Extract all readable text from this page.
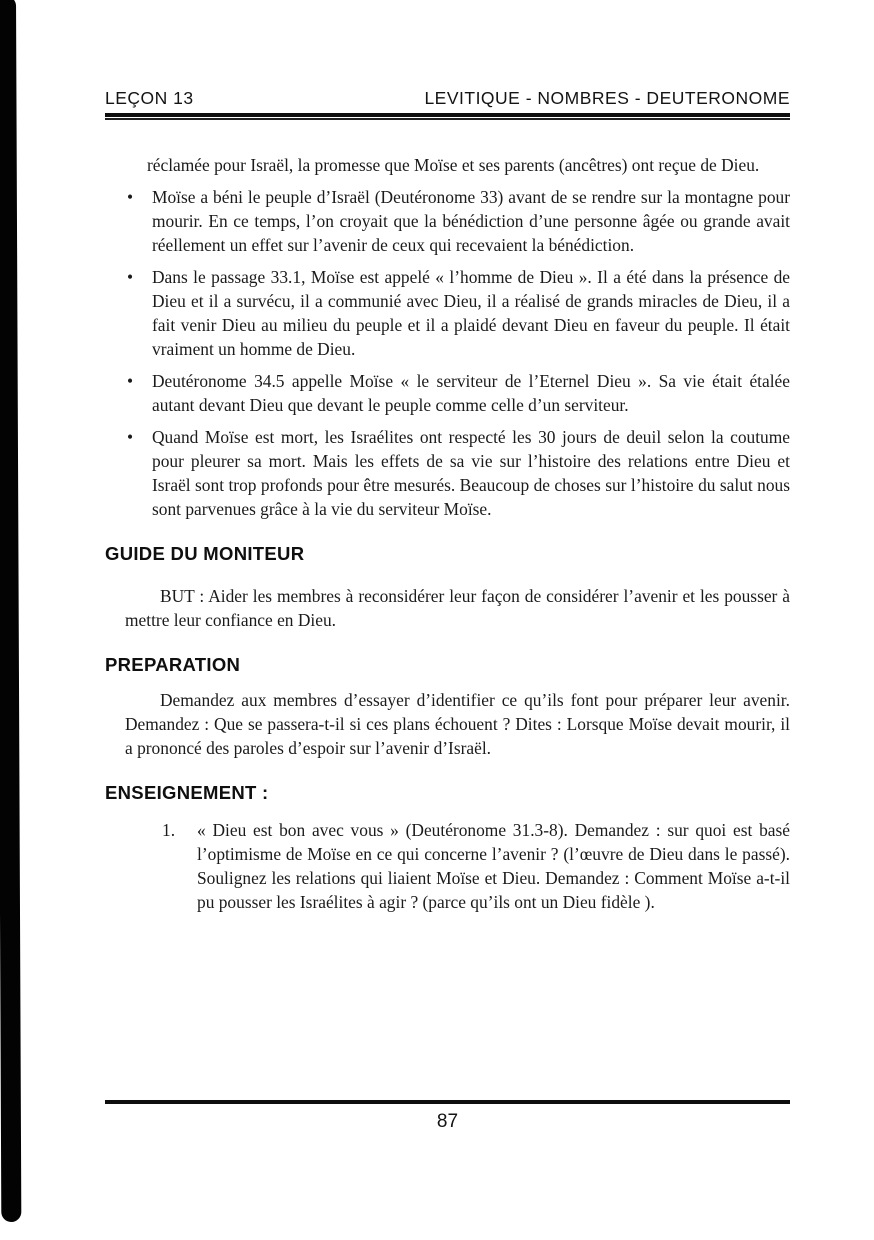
LEÇON 13	LEVITIQUE - NOMBRES - DEUTERONOME

réclamée pour Israël, la promesse que Moïse et ses parents (ancêtres) ont reçue de Dieu.

•	Moïse a béni le peuple d’Israël (Deutéronome 33) avant de se rendre sur la montagne pour mourir. En ce temps, l’on croyait que la bénédiction d’une personne âgée ou grande avait réellement un effet sur l’avenir de ceux qui recevaient la bénédiction.

•	Dans le passage 33.1, Moïse est appelé « l’homme de Dieu ». Il a été dans la présence de Dieu et il a survécu, il a communié avec Dieu, il a réalisé de grands miracles de Dieu, il a fait venir Dieu au milieu du peuple et il a plaidé devant Dieu en faveur du peuple. Il était vraiment un homme de Dieu.

•	Deutéronome 34.5 appelle Moïse « le serviteur de l’Eternel Dieu ». Sa vie était étalée autant devant Dieu que devant le peuple comme celle d’un serviteur.

•	Quand Moïse est mort, les Israélites ont respecté les 30 jours de deuil selon la coutume pour pleurer sa mort. Mais les effets de sa vie sur l’histoire des relations entre Dieu et Israël sont trop profonds pour être mesurés. Beaucoup de choses sur l’histoire du salut nous sont parvenues grâce à la vie du serviteur Moïse.

GUIDE DU MONITEUR

BUT : Aider les membres à reconsidérer leur façon de considérer l’avenir et les pousser à mettre leur confiance en Dieu.

PREPARATION

Demandez aux membres d’essayer d’identifier ce qu’ils font pour préparer leur avenir. Demandez : Que se passera-t-il si ces plans échouent ? Dites : Lorsque Moïse devait mourir, il a prononcé des paroles d’espoir sur l’avenir d’Israël.

ENSEIGNEMENT :
1.	« Dieu est bon avec vous » (Deutéronome 31.3-8). Demandez : sur quoi est basé l’optimisme de Moïse en ce qui concerne l’avenir ? (l’œuvre de Dieu dans le passé). Soulignez les relations qui liaient Moïse et Dieu. Demandez : Comment Moïse a-t-il pu pousser les Israélites à agir ? (parce qu’ils ont un Dieu fidèle ).

87
